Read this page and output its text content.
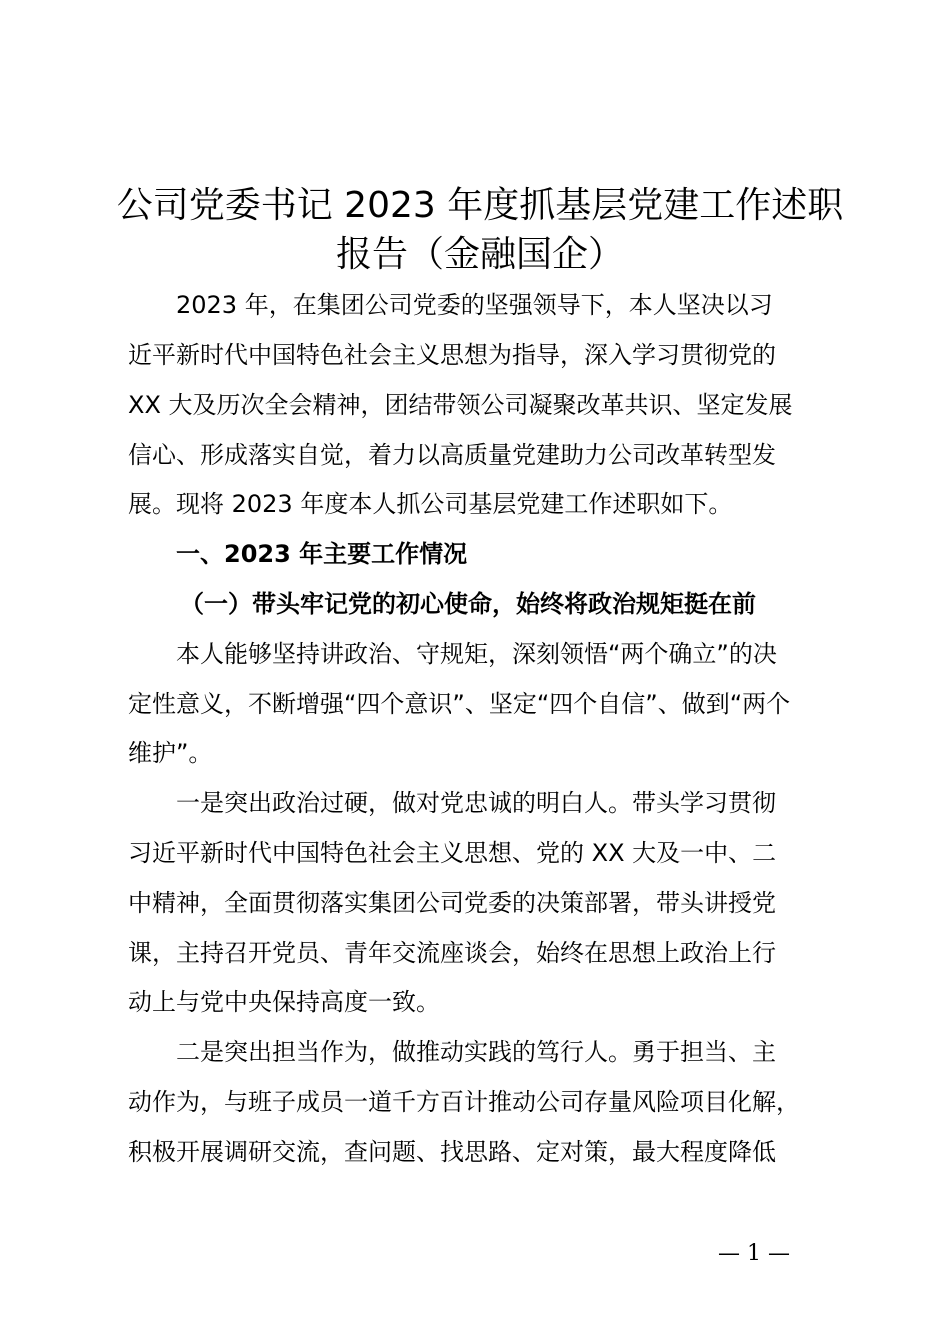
公司党委书记 2023 年度抓基层党建工作述职
报告（金融国企）

2023 年，在集团公司党委的坚强领导下，本人坚决以习

近平新时代中国特色社会主义思想为指导，深入学习贯彻党的

XX 大及历次全会精神，团结带领公司凝聚改革共识、坚定发展

信心、形成落实自觉，着力以高质量党建助力公司改革转型发

展。现将 2023 年度本人抓公司基层党建工作述职如下。

一、2023 年主要工作情况

（一）带头牢记党的初心使命，始终将政治规矩挺在前

本人能够坚持讲政治、守规矩，深刻领悟“两个确立”的决

定性意义，不断增强“四个意识”、坚定“四个自信”、做到“两个

维护”。

一是突出政治过硬，做对党忠诚的明白人。带头学习贯彻

习近平新时代中国特色社会主义思想、党的 XX 大及一中、二

中精神，全面贯彻落实集团公司党委的决策部署，带头讲授党

课，主持召开党员、青年交流座谈会，始终在思想上政治上行

动上与党中央保持高度一致。

二是突出担当作为，做推动实践的笃行人。勇于担当、主

动作为，与班子成员一道千方百计推动公司存量风险项目化解，

积极开展调研交流，查问题、找思路、定对策，最大程度降低

— 1 —
